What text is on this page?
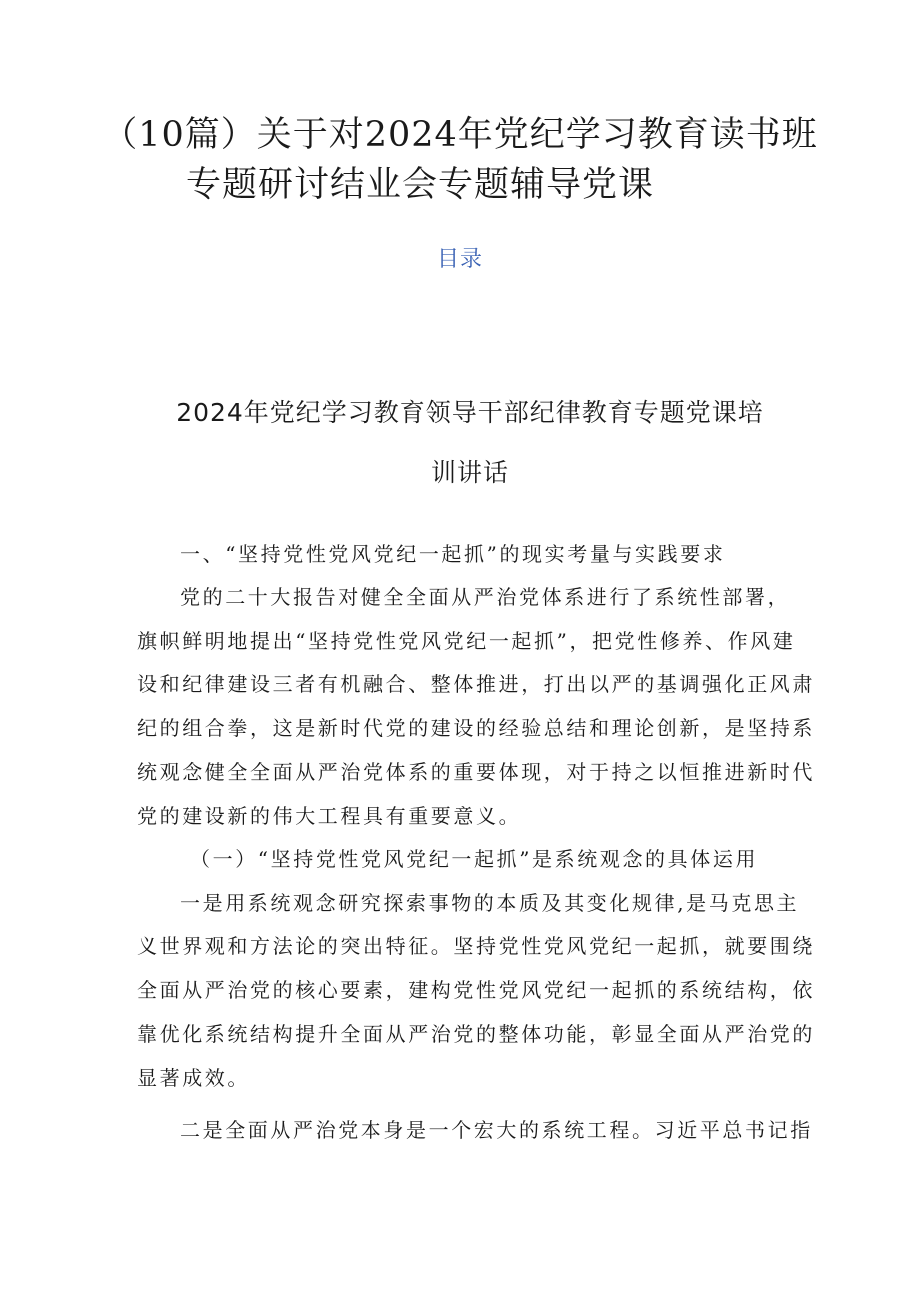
（10篇）关于对2024年党纪学习教育读书班
专题研讨结业会专题辅导党课
目录
2024年党纪学习教育领导干部纪律教育专题党课培
训讲话
一、“坚持党性党风党纪一起抓”的现实考量与实践要求
党的二十大报告对健全全面从严治党体系进行了系统性部署，
旗帜鲜明地提出“坚持党性党风党纪一起抓”，把党性修养、作风建
设和纪律建设三者有机融合、整体推进，打出以严的基调强化正风肃
纪的组合拳，这是新时代党的建设的经验总结和理论创新，是坚持系
统观念健全全面从严治党体系的重要体现，对于持之以恒推进新时代
党的建设新的伟大工程具有重要意义。
（一）“坚持党性党风党纪一起抓”是系统观念的具体运用
一是用系统观念研究探索事物的本质及其变化规律,是马克思主
义世界观和方法论的突出特征。坚持党性党风党纪一起抓，就要围绕
全面从严治党的核心要素，建构党性党风党纪一起抓的系统结构，依
靠优化系统结构提升全面从严治党的整体功能，彰显全面从严治党的
显著成效。
二是全面从严治党本身是一个宏大的系统工程。习近平总书记指
